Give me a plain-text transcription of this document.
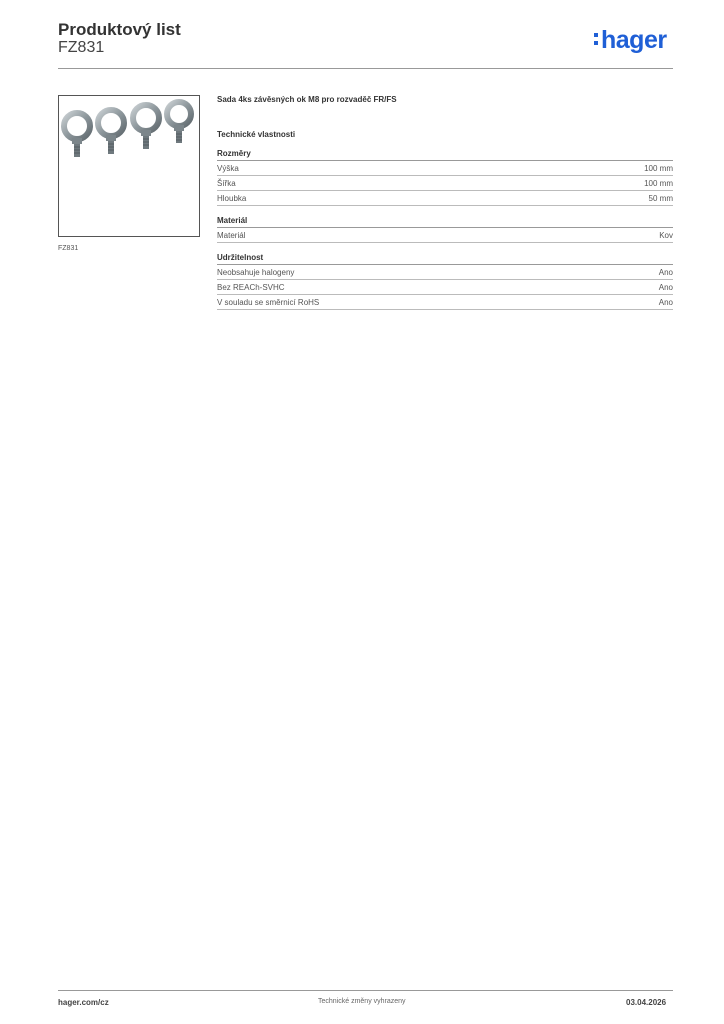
Produktový list
FZ831	hager
FZ831
Sada 4ks závěsných ok M8 pro rozvaděč FR/FS
Technické vlastnosti
Rozměry
Výška	100 mm
Šířka	100 mm
Hloubka	50 mm
Materiál
Materiál	Kov
Udržitelnost
Neobsahuje halogeny	Ano
Bez REACh-SVHC	Ano
V souladu se směrnicí RoHS	Ano
hager.com/cz	Technické změny vyhrazeny	03.04.2026
